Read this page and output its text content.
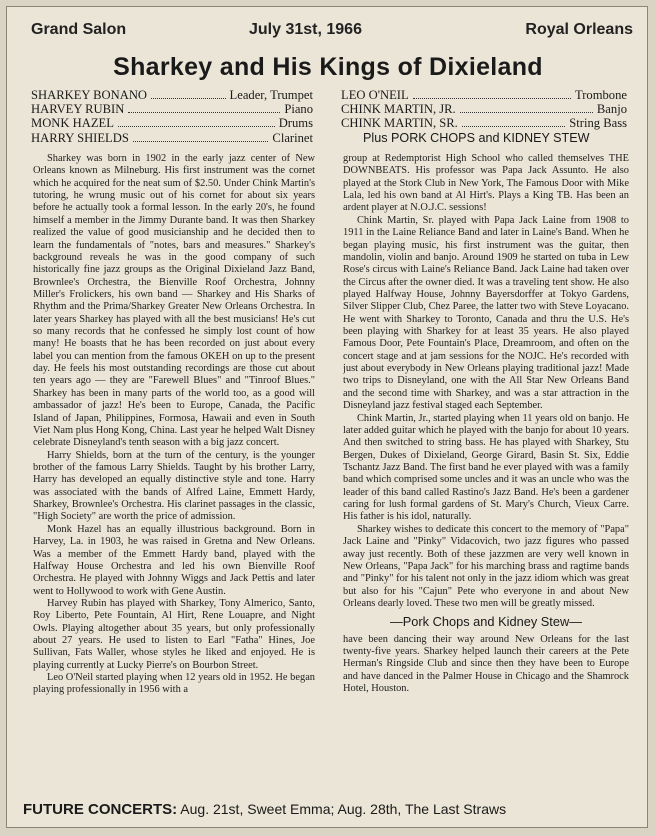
Grand Salon	July 31st, 1966	Royal Orleans
Sharkey and His Kings of Dixieland
SHARKEY BONANO	Leader, Trumpet
HARVEY RUBIN	Piano
MONK HAZEL	Drums
HARRY SHIELDS	Clarinet
LEO O'NEIL	Trombone
CHINK MARTIN, JR.	Banjo
CHINK MARTIN, SR.	String Bass
Plus PORK CHOPS and KIDNEY STEW

Sharkey was born in 1902 in the early jazz center of New Orleans known as Milneburg. His first instrument was the cornet which he acquired for the neat sum of $2.50. Under Chink Martin's tutoring, he wrung music out of his cornet for about six years before he actually took a formal lesson. In the early 20's, he found himself a member in the Jimmy Durante band. It was then Sharkey realized the value of good musicianship and he decided then to learn the fundamentals of "notes, bars and measures." Sharkey's background reveals he was in the good company of such historically fine jazz groups as the Original Dixieland Jazz Band, Brownlee's Orchestra, the Bienville Roof Orchestra, Johnny Miller's Frolickers, his own band — Sharkey and His Sharks of Rhythm and the Prima/Sharkey Greater New Orleans Orchestra. In later years Sharkey has played with all the best musicians! He's cut so many records that he confessed he simply lost count of how many! He boasts that he has been recorded on just about every label you can mention from the famous OKEH on up to the present day. He feels his most outstanding recordings are those cut about ten years ago — they are "Farewell Blues" and "Tinroof Blues." Sharkey has been in many parts of the world too, as a good will ambassador of jazz! He's been to Europe, Canada, the Pacific Island of Japan, Philippines, Formosa, Hawaii and even in South Viet Nam plus Hong Kong, China. Last year he helped Walt Disney celebrate Disneyland's tenth season with a big jazz concert.

Harry Shields, born at the turn of the century, is the younger brother of the famous Larry Shields. Taught by his brother Larry, Harry has developed an equally distinctive style and tone. Harry was associated with the bands of Alfred Laine, Emmett Hardy, Sharkey, Brownlee's Orchestra. His clarinet passages in the classic, "High Society" are worth the price of admission.

Monk Hazel has an equally illustrious background. Born in Harvey, La. in 1903, he was raised in Gretna and New Orleans. Was a member of the Emmett Hardy band, played with the Halfway House Orchestra and led his own Bienville Roof Orchestra. He played with Johnny Wiggs and Jack Pettis and later went to Hollywood to work with Gene Austin.

Harvey Rubin has played with Sharkey, Tony Almerico, Santo, Roy Liberto, Pete Fountain, Al Hirt, Rene Louapre, and Night Owls. Playing altogether about 35 years, but only professionally about 27 years. He used to listen to Earl "Fatha" Hines, Joe Sullivan, Fats Waller, whose styles he liked and enjoyed. He is playing currently at Lucky Pierre's on Bourbon Street.

Leo O'Neil started playing when 12 years old in 1952. He began playing professionally in 1956 with a

group at Redemptorist High School who called themselves THE DOWNBEATS. His professor was Papa Jack Assunto. He also played at the Stork Club in New York, The Famous Door with Mike Lala, led his own band at Al Hirt's. Plays a King TB. Has been an ardent player at N.O.J.C. sessions!

Chink Martin, Sr. played with Papa Jack Laine from 1908 to 1911 in the Laine Reliance Band and later in Laine's Band. When he began playing music, his first instrument was the guitar, then mandolin, violin and banjo. Around 1909 he started on tuba in Lew Rose's circus with Laine's Reliance Band. Jack Laine had taken over the Circus after the owner died. It was a traveling tent show. He also played Halfway House, Johnny Bayersdorffer at Tokyo Gardens, Silver Slipper Club, Chez Paree, the latter two with Steve Loyacano. He went with Sharkey to Toronto, Canada and thru the U.S. He's been playing with Sharkey for at least 35 years. He also played Famous Door, Pete Fountain's Place, Dreamroom, and often on the concert stage and at jam sessions for the NOJC. He's recorded with just about everybody in New Orleans playing traditional jazz! Made two trips to Disneyland, one with the All Star New Orleans Band and the second time with Sharkey, and was a star attraction in the Disneyland jazz festival staged each September.

Chink Martin, Jr., started playing when 11 years old on banjo. He later added guitar which he played with the banjo for about 10 years. And then switched to string bass. He has played with Sharkey, Stu Bergen, Dukes of Dixieland, George Girard, Basin St. Six, Eddie Tschantz Jazz Band. The first band he ever played with was a family band which comprised some uncles and it was an uncle who was the leader of this band called Rastino's Jazz Band. He's been a gardener caring for lush formal gardens of St. Mary's Church, Vieux Carre. His father is his idol, naturally.

Sharkey wishes to dedicate this concert to the memory of "Papa" Jack Laine and "Pinky" Vidacovich, two jazz figures who passed away just recently. Both of these jazzmen are very well known in New Orleans, "Papa Jack" for his marching brass and ragtime bands and "Pinky" for his talent not only in the jazz idiom which was great but also for his "Cajun" Pete who everyone in and about New Orleans dearly loved. These two men will be greatly missed.

—Pork Chops and Kidney Stew—

have been dancing their way around New Orleans for the last twenty-five years. Sharkey helped launch their careers at the Pete Herman's Ringside Club and since then they have been to Europe and have danced in the Palmer House in Chicago and the Shamrock Hotel, Houston.

FUTURE CONCERTS: Aug. 21st, Sweet Emma; Aug. 28th, The Last Straws
